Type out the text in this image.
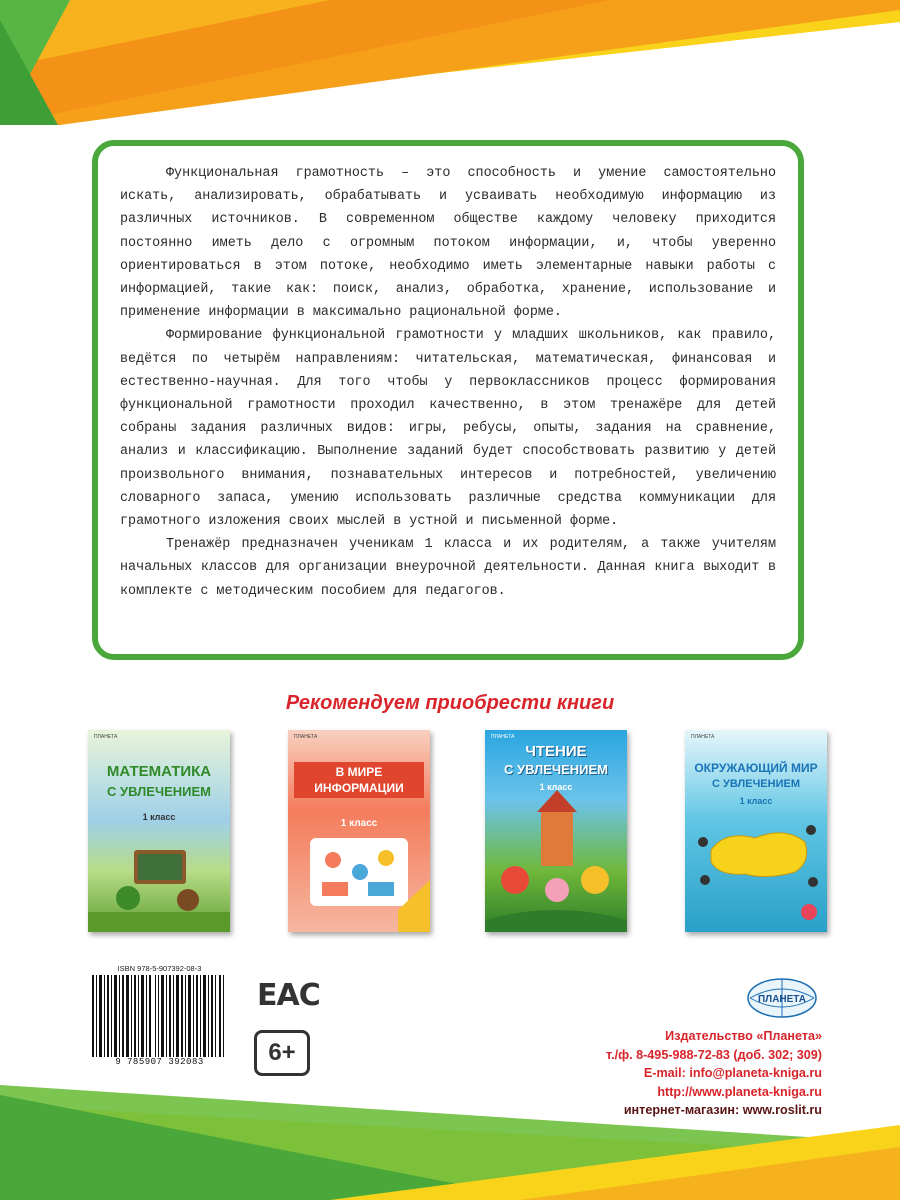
Функциональная грамотность – это способность и умение самостоятельно искать, анализировать, обрабатывать и усваивать необходимую информацию из различных источников. В современном обществе каждому человеку приходится постоянно иметь дело с огромным потоком информации, и, чтобы уверенно ориентироваться в этом потоке, необходимо иметь элементарные навыки работы с информацией, такие как: поиск, анализ, обработка, хранение, использование и применение информации в максимально рациональной форме.

Формирование функциональной грамотности у младших школьников, как правило, ведётся по четырём направлениям: читательская, математическая, финансовая и естественно-научная. Для того чтобы у первоклассников процесс формирования функциональной грамотности проходил качественно, в этом тренажёре для детей собраны задания различных видов: игры, ребусы, опыты, задания на сравнение, анализ и классификацию. Выполнение заданий будет способствовать развитию у детей произвольного внимания, познавательных интересов и потребностей, увеличению словарного запаса, умению использовать различные средства коммуникации для грамотного изложения своих мыслей в устной и письменной форме.

Тренажёр предназначен ученикам 1 класса и их родителям, а также учителям начальных классов для организации внеурочной деятельности. Данная книга выходит в комплекте с методическим пособием для педагогов.

Рекомендуем приобрести книги
ПЛАНЕТА
МАТЕМАТИКА
С УВЛЕЧЕНИЕМ
1 класс
ПЛАНЕТА
В МИРЕ ИНФОРМАЦИИ
1 класс
ПЛАНЕТА
ЧТЕНИЕ
С УВЛЕЧЕНИЕМ
1 класс
ПЛАНЕТА
ОКРУЖАЮЩИЙ МИР
С УВЛЕЧЕНИЕМ
1 класс
ISBN 978-5-907392-08-3
9 785907 392083
EAC
6+
ПЛАНЕТА
Издательство «Планета»
т./ф. 8-495-988-72-83 (доб. 302; 309)
E-mail: info@planeta-kniga.ru
http://www.planeta-kniga.ru
интернет-магазин: www.roslit.ru
